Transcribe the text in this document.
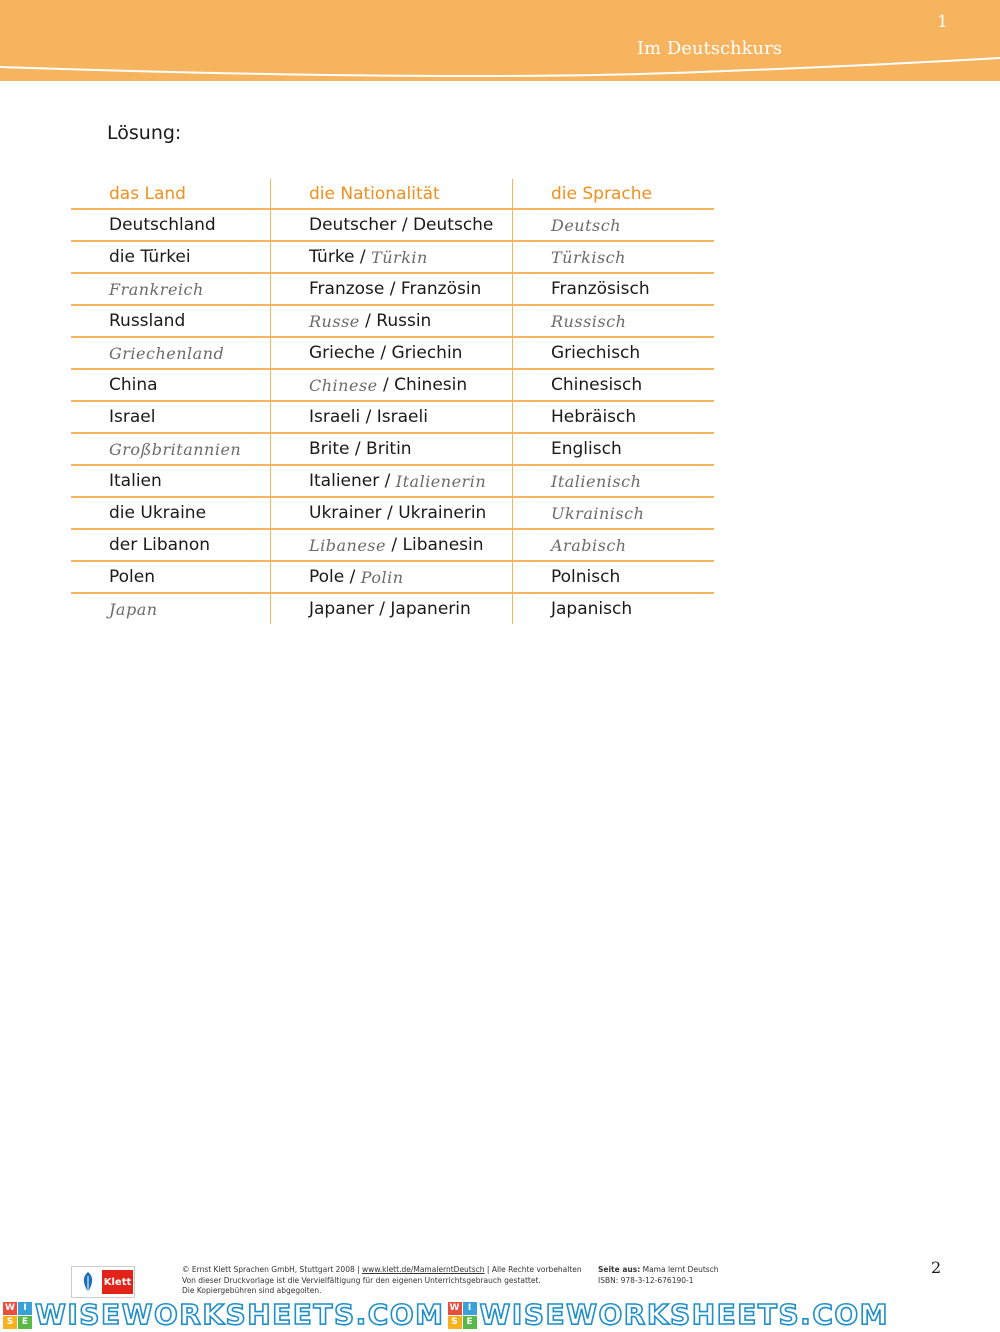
1
Im Deutschkurs
Lösung:
das Land	die Nationalität	die Sprache
Deutschland	Deutscher / Deutsche	Deutsch
die Türkei	Türke / Türkin	Türkisch
Frankreich	Franzose / Französin	Französisch
Russland	Russe / Russin	Russisch
Griechenland	Grieche / Griechin	Griechisch
China	Chinese / Chinesin	Chinesisch
Israel	Israeli / Israeli	Hebräisch
Großbritannien	Brite / Britin	Englisch
Italien	Italiener / Italienerin	Italienisch
die Ukraine	Ukrainer / Ukrainerin	Ukrainisch
der Libanon	Libanese / Libanesin	Arabisch
Polen	Pole / Polin	Polnisch
Japan	Japaner / Japanerin	Japanisch
Klett
© Ernst Klett Sprachen GmbH, Stuttgart 2008 | www.klett.de/MamalerntDeutsch | Alle Rechte vorbehalten
Von dieser Druckvorlage ist die Vervielfältigung für den eigenen Unterrichtsgebrauch gestattet.
Die Kopiergebühren sind abgegolten.
Seite aus: Mama lernt Deutsch
ISBN: 978-3-12-676190-1
2
W I
S E WISEWORKSHEETS.COM W I
S E WISEWORKSHEETS.COM
